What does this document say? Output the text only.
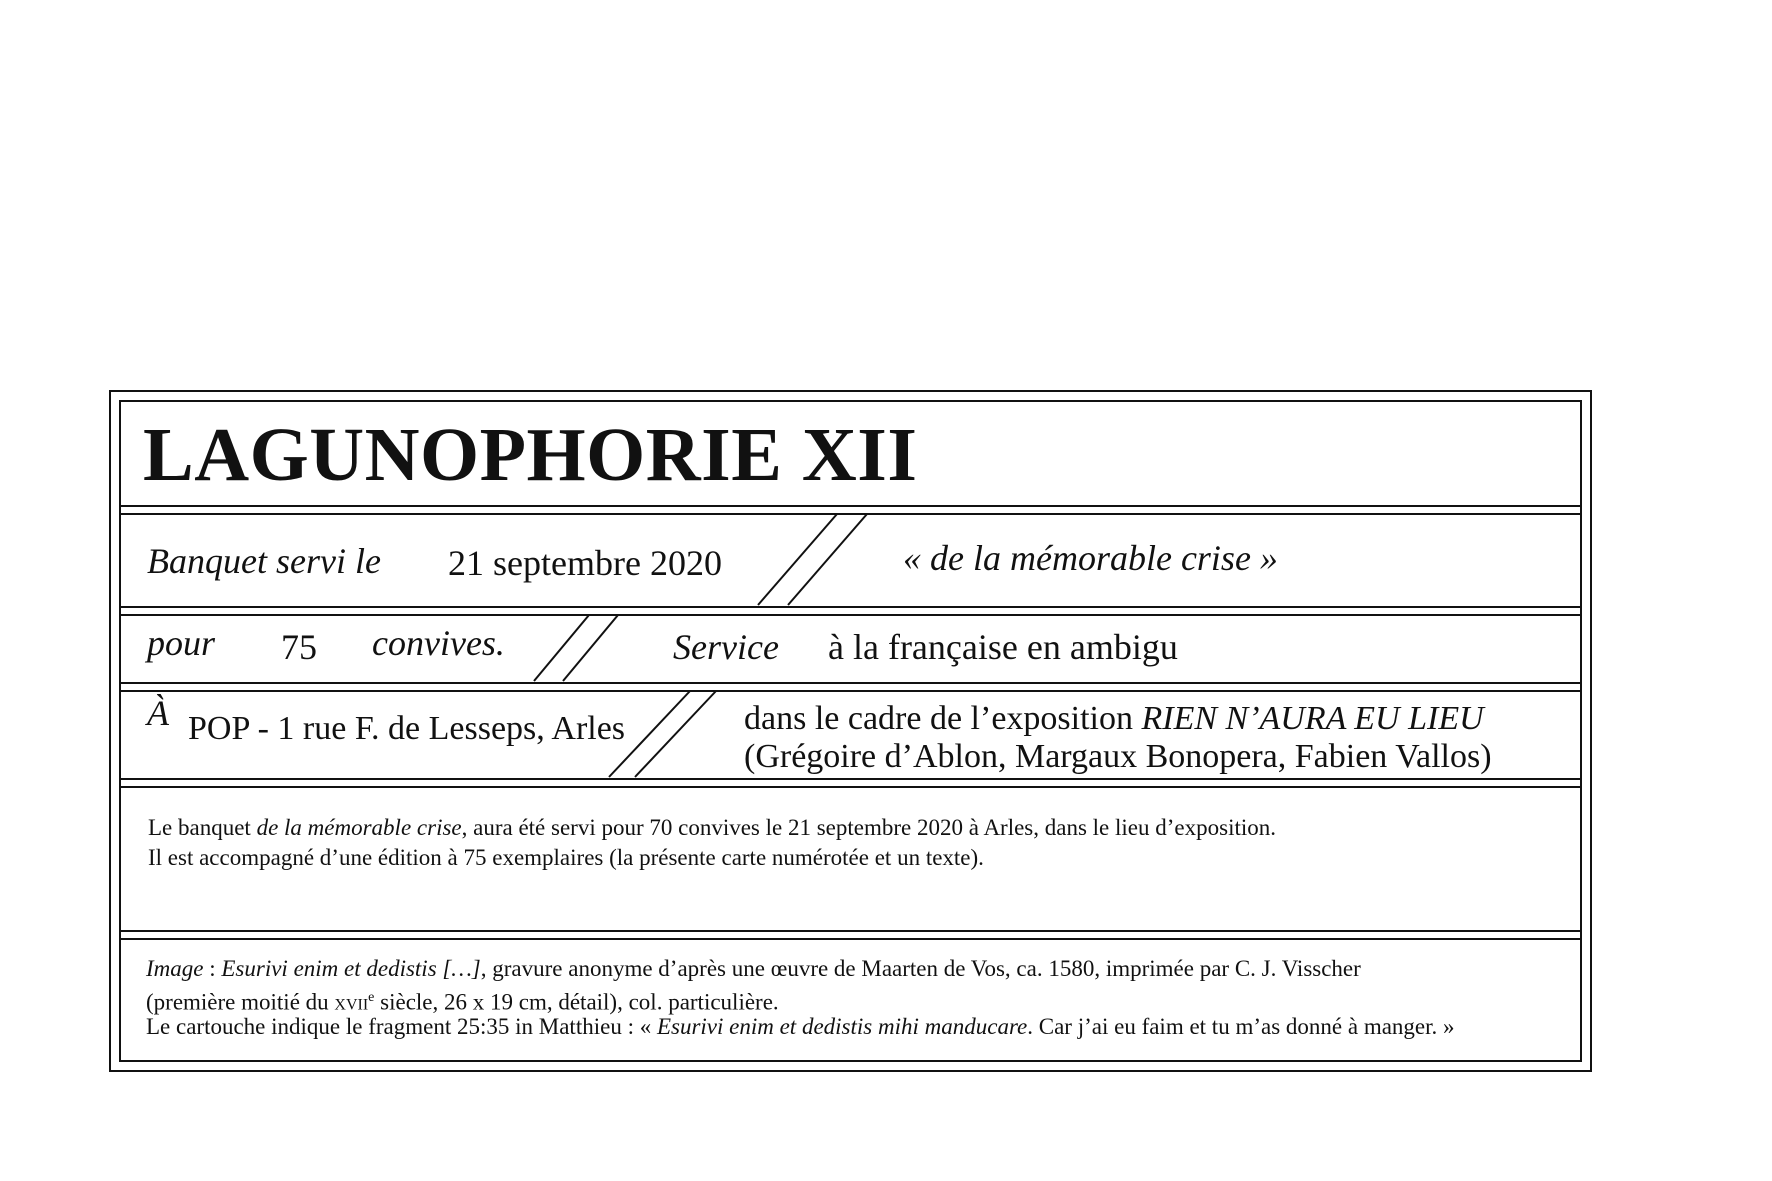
LAGUNOPHORIE XII
Banquet servi le 21 septembre 2020	« de la mémorable crise »
pour 75 convives.	Service à la française en ambigu
À POP - 1 rue F. de Lesseps, Arles	dans le cadre de l’exposition RIEN N’AURA EU LIEU
(Grégoire d’Ablon, Margaux Bonopera, Fabien Vallos)
Le banquet de la mémorable crise, aura été servi pour 70 convives le 21 septembre 2020 à Arles, dans le lieu d’exposition.
Il est accompagné d’une édition à 75 exemplaires (la présente carte numérotée et un texte).
Image : Esurivi enim et dedistis […], gravure anonyme d’après une œuvre de Maarten de Vos, ca. 1580, imprimée par C. J. Visscher
(première moitié du xvii$^e$ siècle, 26 x 19 cm, détail), col. particulière.
Le cartouche indique le fragment 25:35 in Matthieu : « Esurivi enim et dedistis mihi manducare. Car j’ai eu faim et tu m’as donné à manger. »
